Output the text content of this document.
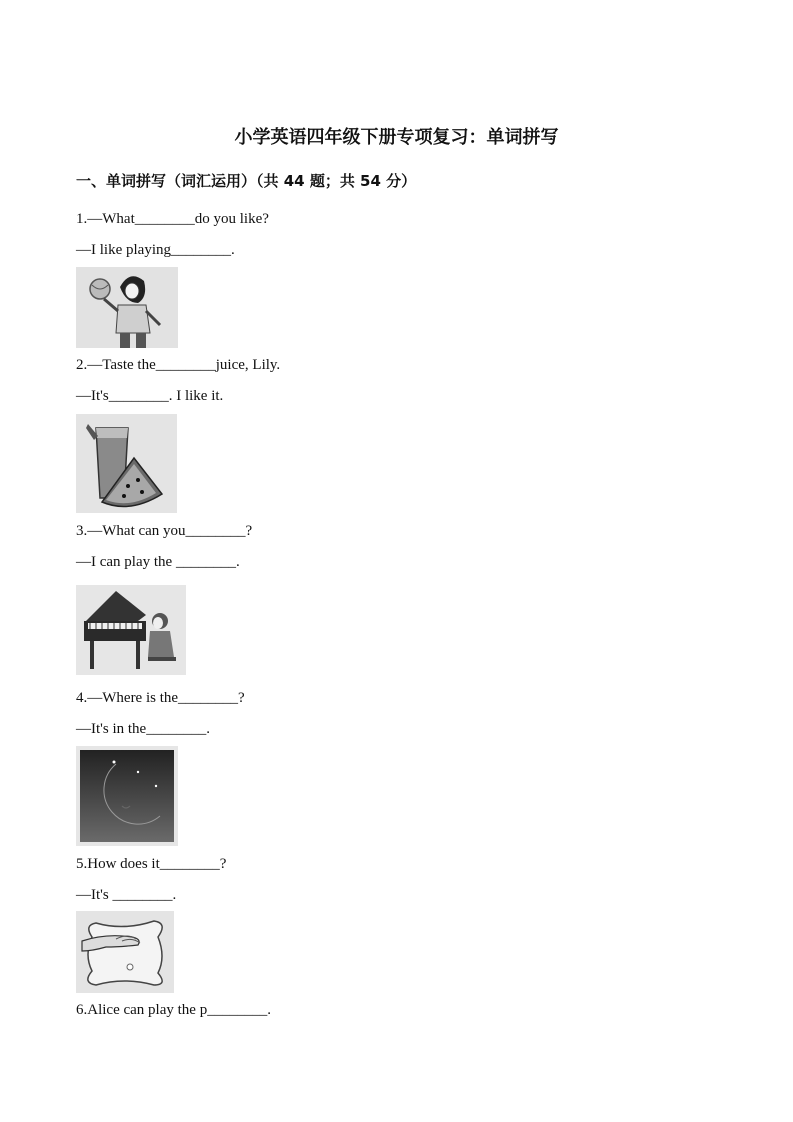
小学英语四年级下册专项复习：单词拼写
一、单词拼写（词汇运用）（共 44 题；共 54 分）
1.—What________do you like?
—I like playing________.
2.—Taste the________juice, Lily.
—It's________. I like it.
3.—What can you________?
—I can play the ________.
4.—Where is the________?
—It's in the________.
5.How does it________?
—It's ________.
6.Alice can play the p________.
